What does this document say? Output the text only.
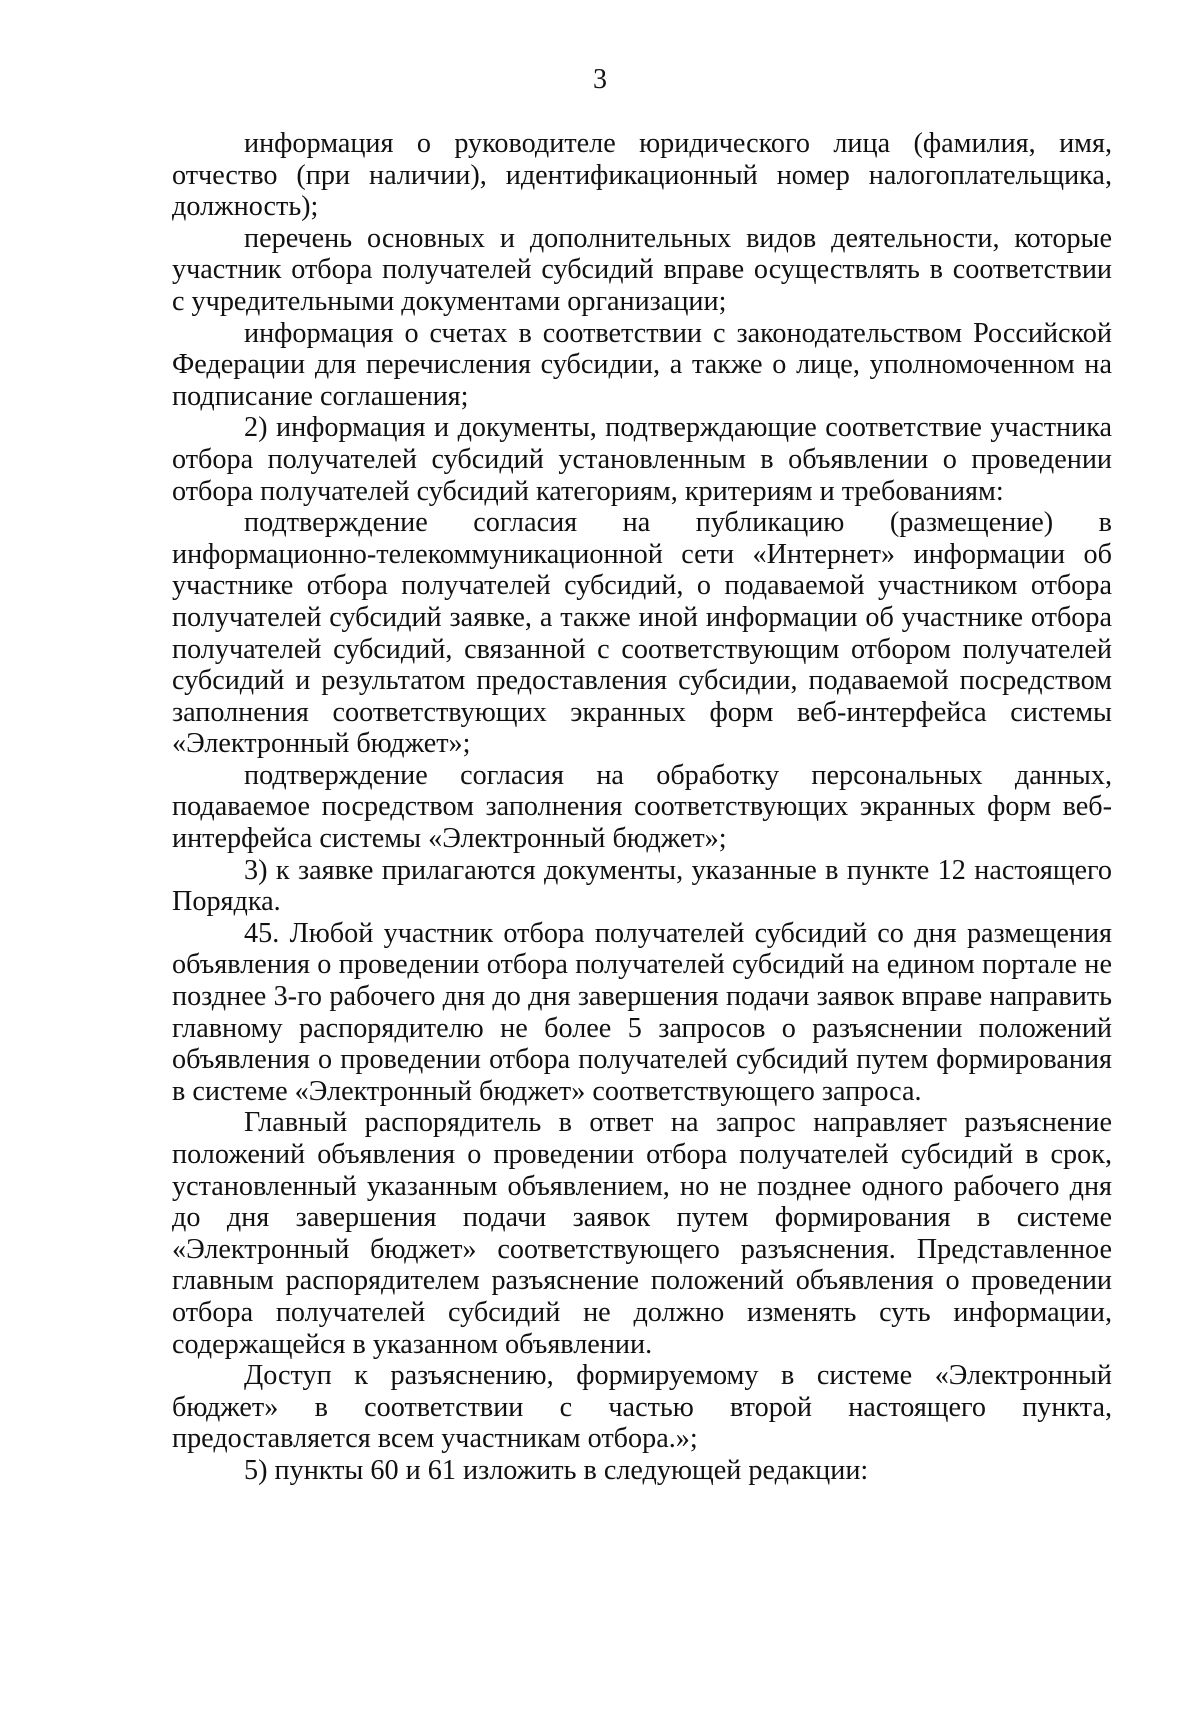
3

информация о руководителе юридического лица (фамилия, имя, отчество (при наличии), идентификационный номер налогоплательщика, должность);

перечень основных и дополнительных видов деятельности, которые участник отбора получателей субсидий вправе осуществлять в соответствии с учредительными документами организации;

информация о счетах в соответствии с законодательством Российской Федерации для перечисления субсидии, а также о лице, уполномоченном на подписание соглашения;

2) информация и документы, подтверждающие соответствие участника отбора получателей субсидий установленным в объявлении о проведении отбора получателей субсидий категориям, критериям и требованиям:

подтверждение согласия на публикацию (размещение) в информационно-телекоммуникационной сети «Интернет» информации об участнике отбора получателей субсидий, о подаваемой участником отбора получателей субсидий заявке, а также иной информации об участнике отбора получателей субсидий, связанной с соответствующим отбором получателей субсидий и результатом предоставления субсидии, подаваемой посредством заполнения соответствующих экранных форм веб-интерфейса системы «Электронный бюджет»;

подтверждение согласия на обработку персональных данных, подаваемое посредством заполнения соответствующих экранных форм веб-интерфейса системы «Электронный бюджет»;

3) к заявке прилагаются документы, указанные в пункте 12 настоящего Порядка.

45. Любой участник отбора получателей субсидий со дня размещения объявления о проведении отбора получателей субсидий на едином портале не позднее 3-го рабочего дня до дня завершения подачи заявок вправе направить главному распорядителю не более 5 запросов о разъяснении положений объявления о проведении отбора получателей субсидий путем формирования в системе «Электронный бюджет» соответствующего запроса.

Главный распорядитель в ответ на запрос направляет разъяснение положений объявления о проведении отбора получателей субсидий в срок, установленный указанным объявлением, но не позднее одного рабочего дня до дня завершения подачи заявок путем формирования в системе «Электронный бюджет» соответствующего разъяснения. Представленное главным распорядителем разъяснение положений объявления о проведении отбора получателей субсидий не должно изменять суть информации, содержащейся в указанном объявлении.

Доступ к разъяснению, формируемому в системе «Электронный бюджет» в соответствии с частью второй настоящего пункта, предоставляется всем участникам отбора.»;

5) пункты 60 и 61 изложить в следующей редакции:
